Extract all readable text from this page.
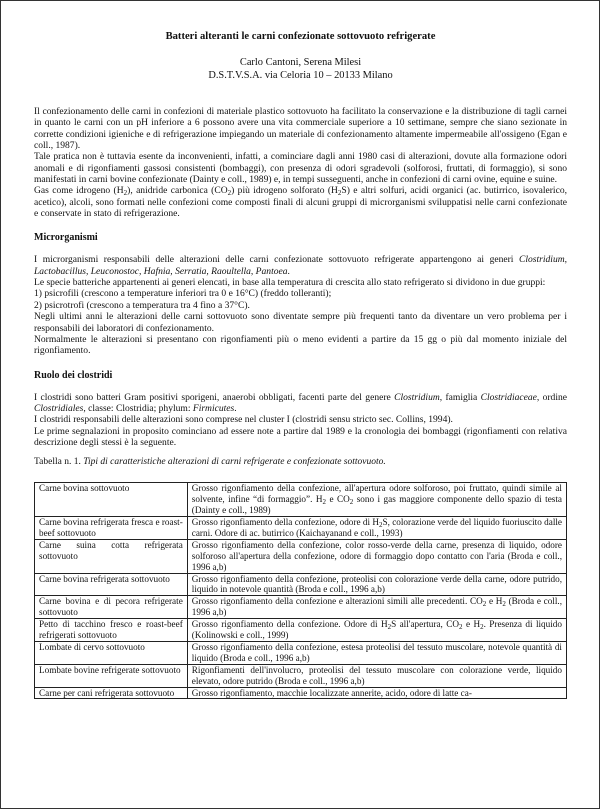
Batteri alteranti le carni confezionate sottovuoto refrigerate
Carlo Cantoni, Serena Milesi
D.S.T.V.S.A. via Celoria 10 – 20133 Milano

Il confezionamento delle carni in confezioni di materiale plastico sottovuoto ha facilitato la conservazione e la distribuzione di tagli carnei in quanto le carni con un pH inferiore a 6 possono avere una vita commerciale superiore a 10 settimane, sempre che siano sezionate in corrette condizioni igieniche e di refrigerazione impiegando un materiale di confezionamento altamente impermeabile all'ossigeno (Egan e coll., 1987).

Tale pratica non è tuttavia esente da inconvenienti, infatti, a cominciare dagli anni 1980 casi di alterazioni, dovute alla formazione odori anomali e di rigonfiamenti gassosi consistenti (bombaggi), con presenza di odori sgradevoli (solforosi, fruttati, di formaggio), si sono manifestati in carni bovine confezionate (Dainty e coll., 1989) e, in tempi susseguenti, anche in confezioni di carni ovine, equine e suine.

Gas come idrogeno $(H_2)$, anidride carbonica $(CO_2)$ più idrogeno solforato $(H_2S)$ e altri solfuri, acidi organici (ac. butirrico, isovalerico, acetico), alcoli, sono formati nelle confezioni come composti finali di alcuni gruppi di microrganismi sviluppatisi nelle carni confezionate e conservate in stato di refrigerazione.

Microrganismi

I microrganismi responsabili delle alterazioni delle carni confezionate sottovuoto refrigerate appartengono ai generi Clostridium, Lactobacillus, Leuconostoc, Hafnia, Serratia, Raoultella, Pantoea.

Le specie batteriche appartenenti ai generi elencati, in base alla temperatura di crescita allo stato refrigerato si dividono in due gruppi:

1) psicrofili (crescono a temperature inferiori tra 0 e 16°C) (freddo tolleranti);

2) psicrotrofi (crescono a temperatura tra 4 fino a 37°C).

Negli ultimi anni le alterazioni delle carni sottovuoto sono diventate sempre più frequenti tanto da diventare un vero problema per i responsabili dei laboratori di confezionamento.

Normalmente le alterazioni si presentano con rigonfiamenti più o meno evidenti a partire da 15 gg o più dal momento iniziale del rigonfiamento.

Ruolo dei clostridi

I clostridi sono batteri Gram positivi sporigeni, anaerobi obbligati, facenti parte del genere Clostridium, famiglia Clostridiaceae, ordine Clostridiales, classe: Clostridia; phylum: Firmicutes.

I clostridi responsabili delle alterazioni sono comprese nel cluster I (clostridi sensu stricto sec. Collins, 1994).

Le prime segnalazioni in proposito cominciano ad essere note a partire dal 1989 e la cronologia dei bombaggi (rigonfiamenti con relativa descrizione degli stessi è la seguente.

Tabella n. 1. Tipi di caratteristiche alterazioni di carni refrigerate e confezionate sottovuoto.
Carne bovina sottovuoto	Grosso rigonfiamento della confezione, all'apertura odore solforoso, poi fruttato, quindi simile al solvente, infine “di formaggio”. $H_2$ e $CO_2$ sono i gas maggiore componente dello spazio di testa (Dainty e coll., 1989)
Carne bovina refrigerata fresca e roast-beef sottovuoto	Grosso rigonfiamento della confezione, odore di $H_2S$, colorazione verde del liquido fuoriuscito dalle carni. Odore di ac. butirrico (Kaichayanand e coll., 1993)
Carne suina cotta refrigerata sottovuoto	Grosso rigonfiamento della confezione, color rosso-verde della carne, presenza di liquido, odore solforoso all'apertura della confezione, odore di formaggio dopo contatto con l'aria (Broda e coll., 1996 a,b)
Carne bovina refrigerata sottovuoto	Grosso rigonfiamento della confezione, proteolisi con colorazione verde della carne, odore putrido, liquido in notevole quantità (Broda e coll., 1996 a,b)
Carne bovina e di pecora refrigerate sottovuoto	Grosso rigonfiamento della confezione e alterazioni simili alle precedenti. $CO_2$ e $H_2$ (Broda e coll., 1996 a,b)
Petto di tacchino fresco e roast-beef refrigerati sottovuoto	Grosso rigonfiamento della confezione. Odore di $H_2S$ all'apertura, $CO_2$ e $H_2$. Presenza di liquido (Kolinowski e coll., 1999)
Lombate di cervo sottovuoto	Grosso rigonfiamento della confezione, estesa proteolisi del tessuto muscolare, notevole quantità di liquido (Broda e coll., 1996 a,b)
Lombate bovine refrigerate sottovuoto	Rigonfiamenti dell'involucro, proteolisi del tessuto muscolare con colorazione verde, liquido elevato, odore putrido (Broda e coll., 1996 a,b)
Carne per cani refrigerata sottovuoto	Grosso rigonfiamento, macchie localizzate annerite, acido, odore di latte ca-
